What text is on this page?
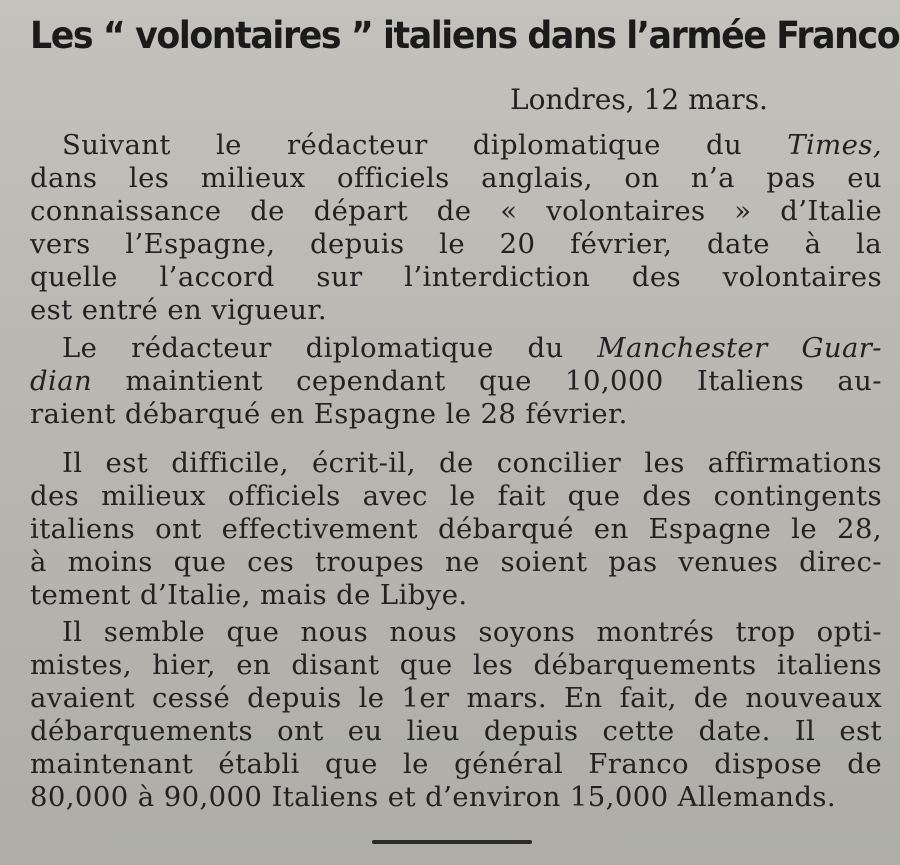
Les “ volontaires ” italiens dans l’armée Franco
Londres, 12 mars.
Suivant le rédacteur diplomatique du Times,
dans les milieux officiels anglais, on n’a pas eu
connaissance de départ de « volontaires » d’Italie
vers l’Espagne, depuis le 20 février, date à la
quelle l’accord sur l’interdiction des volontaires
est entré en vigueur.
Le rédacteur diplomatique du Manchester Guar-
dian maintient cependant que 10,000 Italiens au-
raient débarqué en Espagne le 28 février.
Il est difficile, écrit-il, de concilier les affirmations
des milieux officiels avec le fait que des contingents
italiens ont effectivement débarqué en Espagne le 28,
à moins que ces troupes ne soient pas venues direc-
tement d’Italie, mais de Libye.
Il semble que nous nous soyons montrés trop opti-
mistes, hier, en disant que les débarquements italiens
avaient cessé depuis le 1er mars. En fait, de nouveaux
débarquements ont eu lieu depuis cette date. Il est
maintenant établi que le général Franco dispose de
80,000 à 90,000 Italiens et d’environ 15,000 Allemands.
